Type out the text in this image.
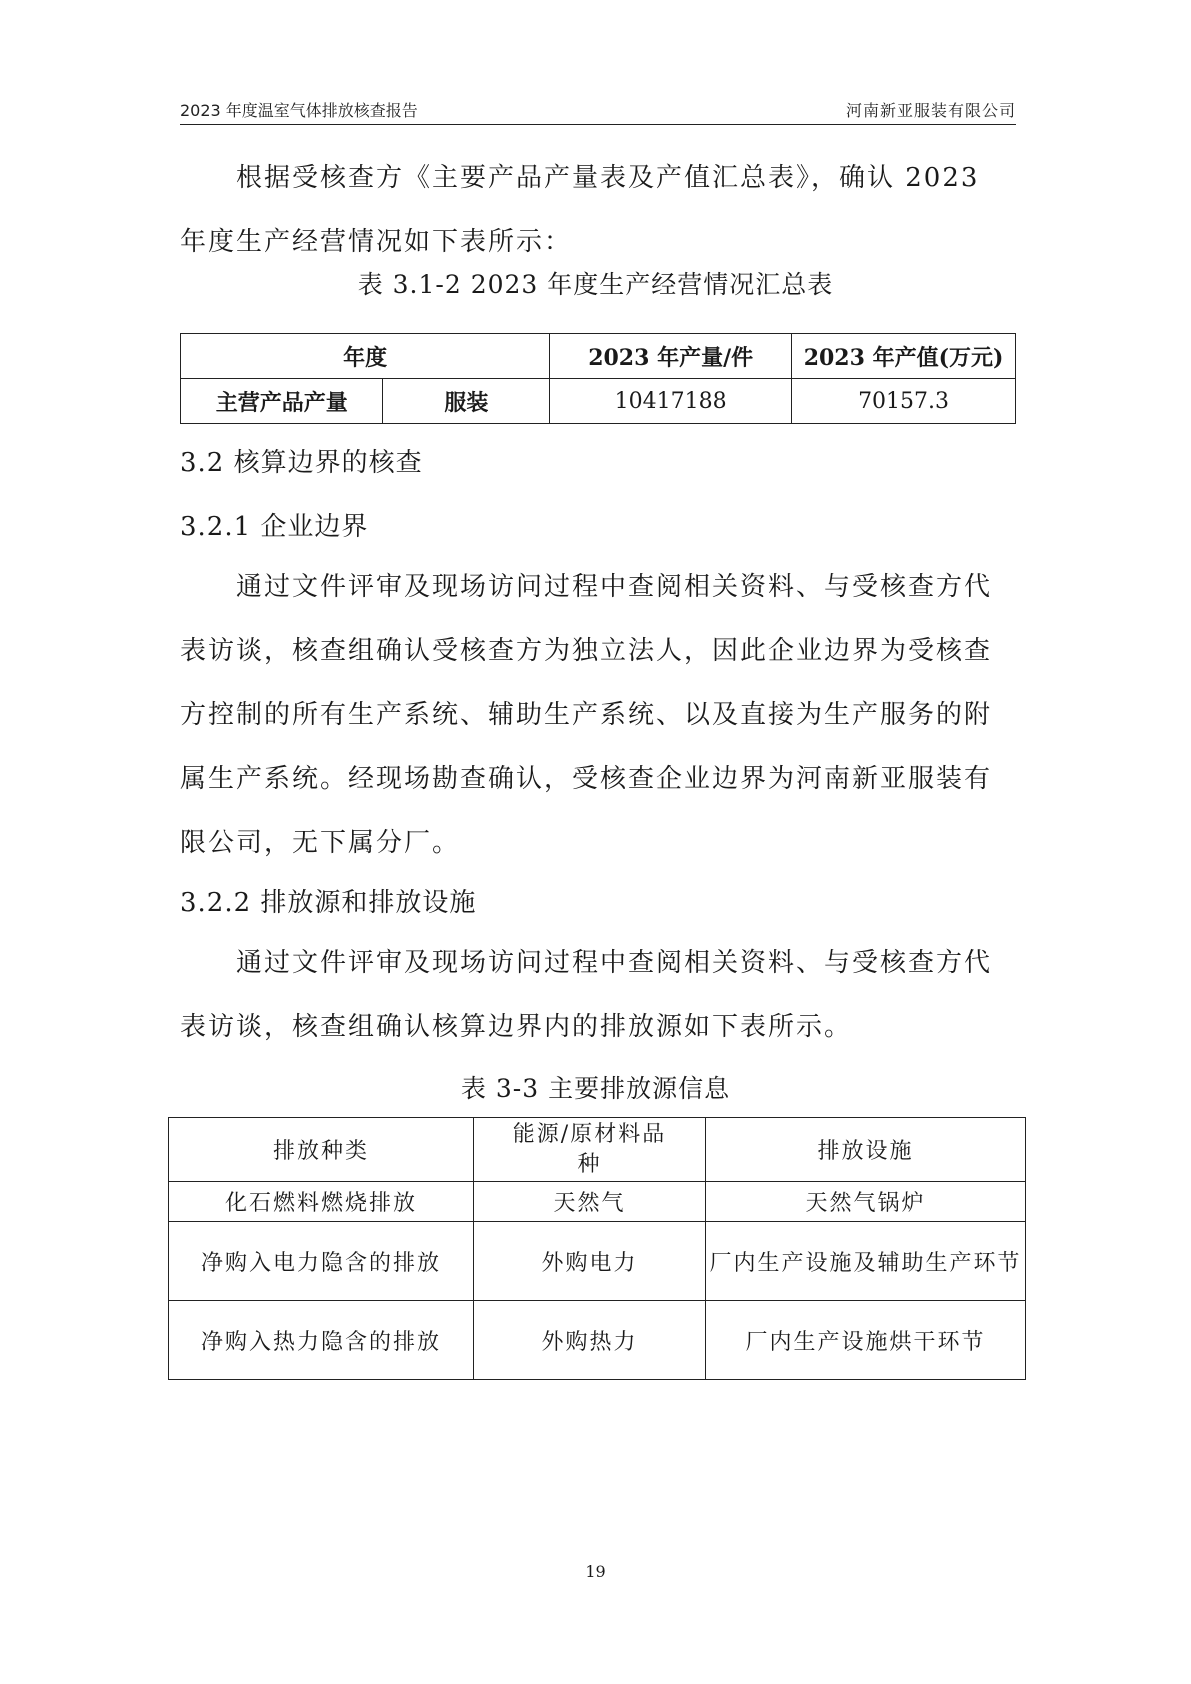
2023 年度温室气体排放核查报告	河南新亚服装有限公司

根据受核查方《主要产品产量表及产值汇总表》，确认 2023 年度生产经营情况如下表所示：

表 3.1-2 2023 年度生产经营情况汇总表
年度		2023 年产量/件	2023 年产值(万元)
主营产品产量	服装	10417188	70157.3
3.2 核算边界的核查
3.2.1 企业边界

通过文件评审及现场访问过程中查阅相关资料、与受核查方代表访谈，核查组确认受核查方为独立法人，因此企业边界为受核查方控制的所有生产系统、辅助生产系统、以及直接为生产服务的附属生产系统。经现场勘查确认，受核查企业边界为河南新亚服装有限公司，无下属分厂。

3.2.2 排放源和排放设施

通过文件评审及现场访问过程中查阅相关资料、与受核查方代表访谈，核查组确认核算边界内的排放源如下表所示。

表 3-3 主要排放源信息
排放种类	能源/原材料品种	排放设施
化石燃料燃烧排放	天然气	天然气锅炉
净购入电力隐含的排放	外购电力	厂内生产设施及辅助生产环节
净购入热力隐含的排放	外购热力	厂内生产设施烘干环节
19
